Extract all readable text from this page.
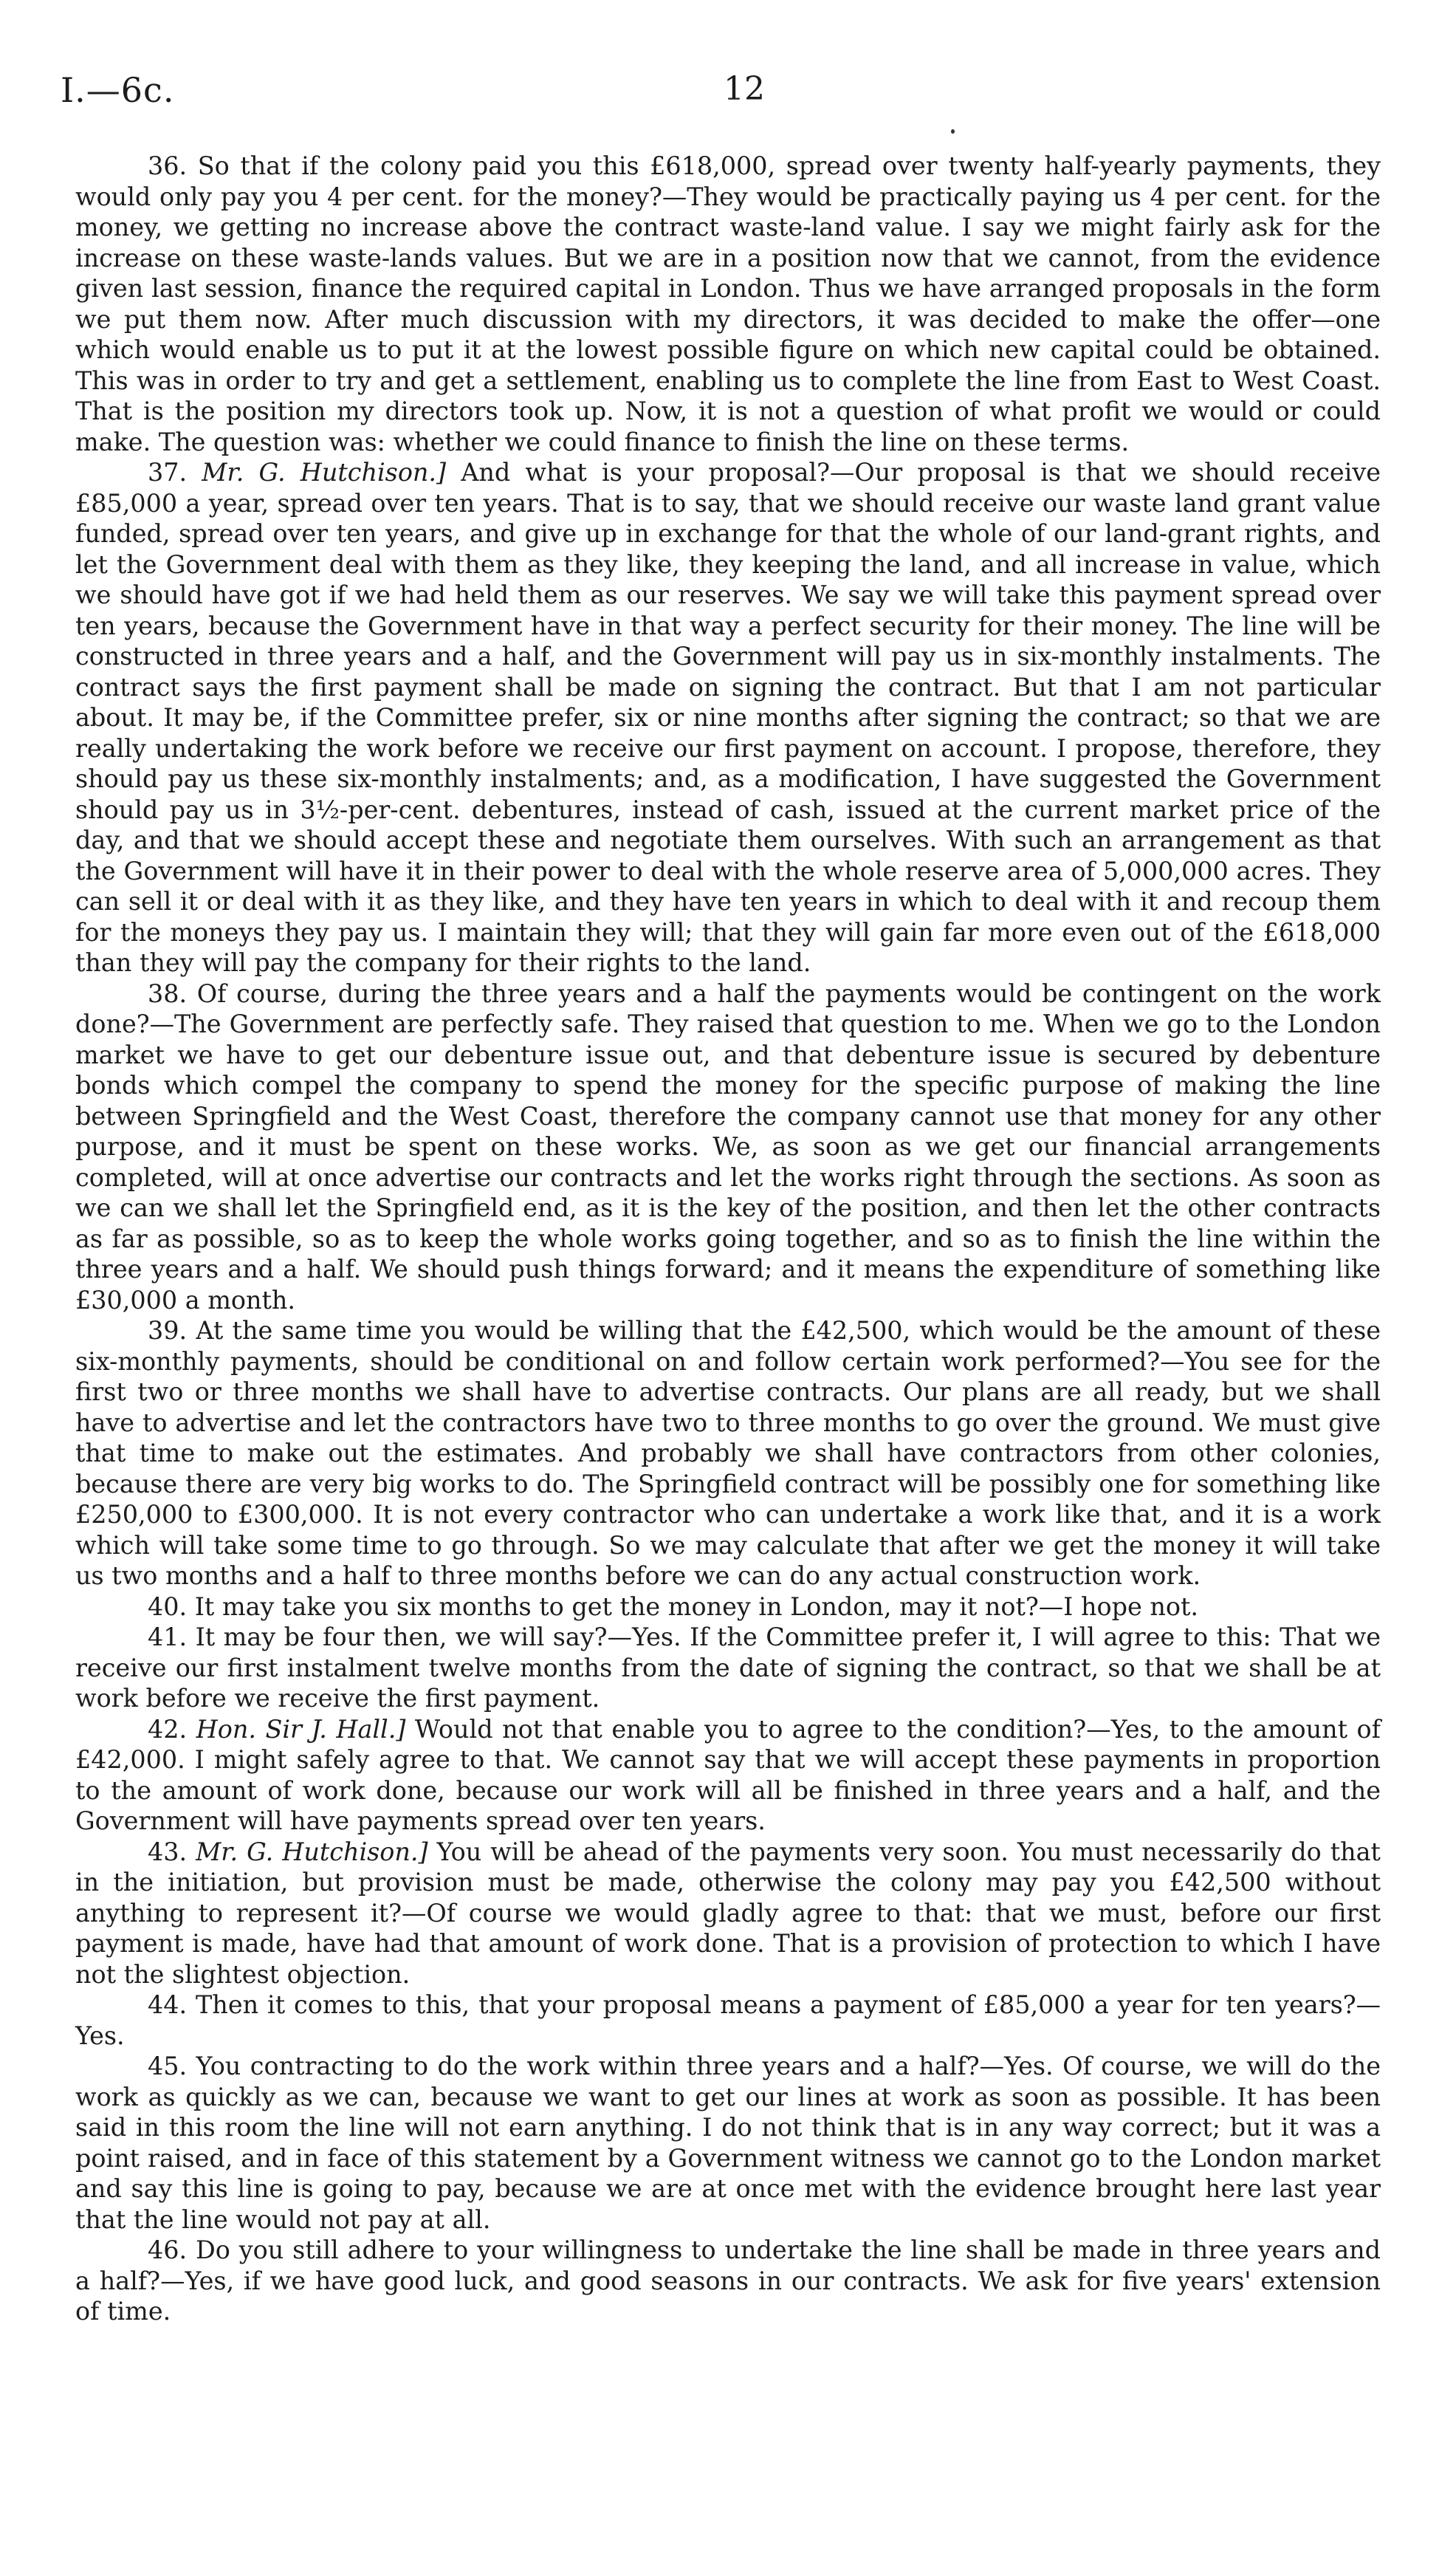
I.—6c.	12

36. So that if the colony paid you this £618,000, spread over twenty half-yearly payments, they would only pay you 4 per cent. for the money?—They would be practically paying us 4 per cent. for the money, we getting no increase above the contract waste-land value. I say we might fairly ask for the increase on these waste-lands values. But we are in a position now that we cannot, from the evidence given last session, finance the required capital in London. Thus we have arranged proposals in the form we put them now. After much discussion with my directors, it was decided to make the offer—one which would enable us to put it at the lowest possible figure on which new capital could be obtained. This was in order to try and get a settlement, enabling us to complete the line from East to West Coast. That is the position my directors took up. Now, it is not a question of what profit we would or could make. The question was: whether we could finance to finish the line on these terms.

37. Mr. G. Hutchison.] And what is your proposal?—Our proposal is that we should receive £85,000 a year, spread over ten years. That is to say, that we should receive our waste land grant value funded, spread over ten years, and give up in exchange for that the whole of our land-grant rights, and let the Government deal with them as they like, they keeping the land, and all increase in value, which we should have got if we had held them as our reserves. We say we will take this payment spread over ten years, because the Government have in that way a perfect security for their money. The line will be constructed in three years and a half, and the Government will pay us in six-monthly instalments. The contract says the first payment shall be made on signing the contract. But that I am not particular about. It may be, if the Committee prefer, six or nine months after signing the contract; so that we are really undertaking the work before we receive our first payment on account. I propose, therefore, they should pay us these six-monthly instalments; and, as a modification, I have suggested the Government should pay us in 3½-per-cent. debentures, instead of cash, issued at the current market price of the day, and that we should accept these and negotiate them ourselves. With such an arrangement as that the Government will have it in their power to deal with the whole reserve area of 5,000,000 acres. They can sell it or deal with it as they like, and they have ten years in which to deal with it and recoup them for the moneys they pay us. I maintain they will; that they will gain far more even out of the £618,000 than they will pay the company for their rights to the land.

38. Of course, during the three years and a half the payments would be contingent on the work done?—The Government are perfectly safe. They raised that question to me. When we go to the London market we have to get our debenture issue out, and that debenture issue is secured by debenture bonds which compel the company to spend the money for the specific purpose of making the line between Springfield and the West Coast, therefore the company cannot use that money for any other purpose, and it must be spent on these works. We, as soon as we get our financial arrangements completed, will at once advertise our contracts and let the works right through the sections. As soon as we can we shall let the Springfield end, as it is the key of the position, and then let the other contracts as far as possible, so as to keep the whole works going together, and so as to finish the line within the three years and a half. We should push things forward; and it means the expenditure of something like £30,000 a month.

39. At the same time you would be willing that the £42,500, which would be the amount of these six-monthly payments, should be conditional on and follow certain work performed?—You see for the first two or three months we shall have to advertise contracts. Our plans are all ready, but we shall have to advertise and let the contractors have two to three months to go over the ground. We must give that time to make out the estimates. And probably we shall have contractors from other colonies, because there are very big works to do. The Springfield contract will be possibly one for something like £250,000 to £300,000. It is not every contractor who can undertake a work like that, and it is a work which will take some time to go through. So we may calculate that after we get the money it will take us two months and a half to three months before we can do any actual construction work.

40. It may take you six months to get the money in London, may it not?—I hope not.

41. It may be four then, we will say?—Yes. If the Committee prefer it, I will agree to this: That we receive our first instalment twelve months from the date of signing the contract, so that we shall be at work before we receive the first payment.

42. Hon. Sir J. Hall.] Would not that enable you to agree to the condition?—Yes, to the amount of £42,000. I might safely agree to that. We cannot say that we will accept these payments in proportion to the amount of work done, because our work will all be finished in three years and a half, and the Government will have payments spread over ten years.

43. Mr. G. Hutchison.] You will be ahead of the payments very soon. You must necessarily do that in the initiation, but provision must be made, otherwise the colony may pay you £42,500 without anything to represent it?—Of course we would gladly agree to that: that we must, before our first payment is made, have had that amount of work done. That is a provision of protection to which I have not the slightest objection.

44. Then it comes to this, that your proposal means a payment of £85,000 a year for ten years?—Yes.

45. You contracting to do the work within three years and a half?—Yes. Of course, we will do the work as quickly as we can, because we want to get our lines at work as soon as possible. It has been said in this room the line will not earn anything. I do not think that is in any way correct; but it was a point raised, and in face of this statement by a Government witness we cannot go to the London market and say this line is going to pay, because we are at once met with the evidence brought here last year that the line would not pay at all.

46. Do you still adhere to your willingness to undertake the line shall be made in three years and a half?—Yes, if we have good luck, and good seasons in our contracts. We ask for five years' extension of time.
